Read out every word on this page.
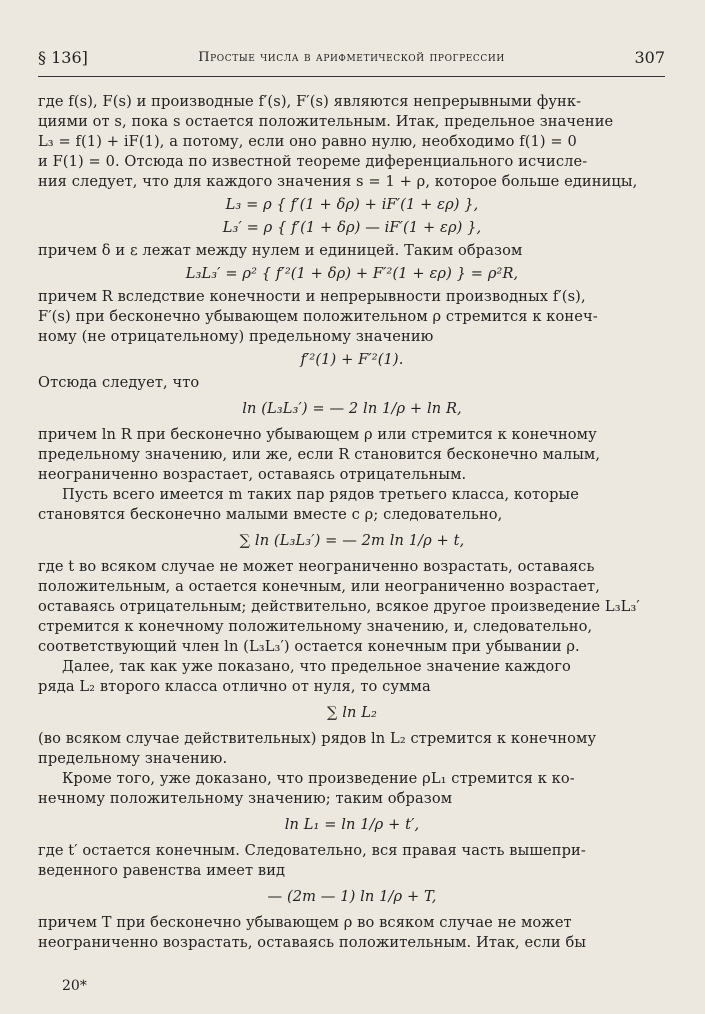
§ 136]	Простые числа в арифметической прогрессии	307

где f(s), F(s) и производные f′(s), F′(s) являются непрерывными функ-

циями от s, пока s остается положительным. Итак, предельное значение

L₃ = f(1) + iF(1), а потому, если оно равно нулю, необходимо f(1) = 0

и F(1) = 0. Отсюда по известной теореме диференциального исчисле-

ния следует, что для каждого значения s = 1 + ρ, которое больше единицы,

L₃ = ρ { f′(1 + δρ) + iF′(1 + ερ) },
L₃′ = ρ { f′(1 + δρ) — iF′(1 + ερ) },

причем δ и ε лежат между нулем и единицей. Таким образом

L₃L₃′ = ρ² { f′²(1 + δρ) + F′²(1 + ερ) } = ρ²R,

причем R вследствие конечности и непрерывности производных f′(s),

F′(s) при бесконечно убывающем положительном ρ стремится к конеч-

ному (не отрицательному) предельному значению

f′²(1) + F′²(1).

Отсюда следует, что

ln (L₃L₃′) = — 2 ln 1/ρ + ln R,

причем ln R при бесконечно убывающем ρ или стремится к конечному

предельному значению, или же, если R становится бесконечно малым,

неограниченно возрастает, оставаясь отрицательным.

Пусть всего имеется m таких пар рядов третьего класса, которые

становятся бесконечно малыми вместе с ρ; следовательно,

∑ ln (L₃L₃′) = — 2m ln 1/ρ + t,

где t во всяком случае не может неограниченно возрастать, оставаясь

положительным, а остается конечным, или неограниченно возрастает,

оставаясь отрицательным; действительно, всякое другое произведение L₃L₃′

стремится к конечному положительному значению, и, следовательно,

соответствующий член ln (L₃L₃′) остается конечным при убывании ρ.

Далее, так как уже показано, что предельное значение каждого

ряда L₂ второго класса отлично от нуля, то сумма

∑ ln L₂

(во всяком случае действительных) рядов ln L₂ стремится к конечному

предельному значению.

Кроме того, уже доказано, что произведение ρL₁ стремится к ко-

нечному положительному значению; таким образом

ln L₁ = ln 1/ρ + t′,

где t′ остается конечным. Следовательно, вся правая часть вышепри-

веденного равенства имеет вид

— (2m — 1) ln 1/ρ + T,

причем T при бесконечно убывающем ρ во всяком случае не может

неограниченно возрастать, оставаясь положительным. Итак, если бы

20*
